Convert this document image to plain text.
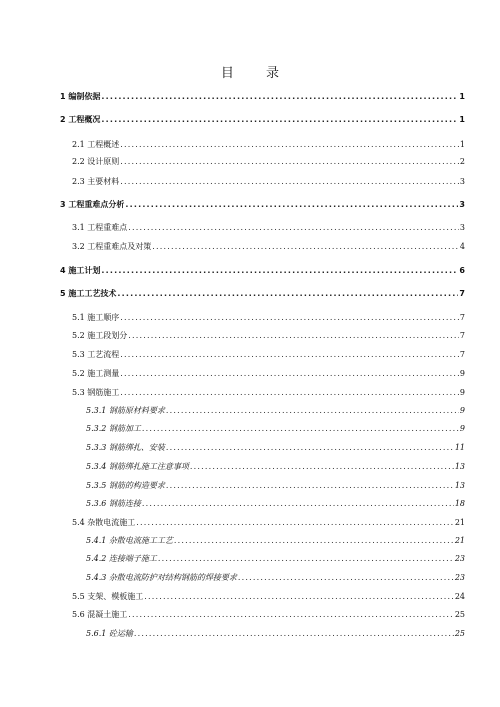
目 录
1 编制依据 .....	1
2 工程概况 .....	1
2.1 工程概述 .....	1
2.2 设计原则 .....	2
2.3 主要材料 .....	3
3 工程重难点分析 .....	3
3.1 工程重难点 .....	3
3.2 工程重难点及对策 .....	4
4 施工计划 .....	6
5 施工工艺技术 .....	7
5.1 施工顺序 .....	7
5.2 施工段划分 .....	7
5.3 工艺流程 .....	7
5.2 施工测量 .....	9
5.3 钢筋施工 .....	9
5.3.1 钢筋原材料要求 .....	9
5.3.2 钢筋加工 .....	9
5.3.3 钢筋绑扎、安装 .....	11
5.3.4 钢筋绑扎施工注意事项 .....	13
5.3.5 钢筋的构造要求 .....	13
5.3.6 钢筋连接 .....	18
5.4 杂散电流施工 .....	21
5.4.1 杂散电流施工工艺 .....	21
5.4.2 连接端子施工 .....	23
5.4.3 杂散电流防护对结构钢筋的焊接要求 .....	23
5.5 支架、模板施工 .....	24
5.6 混凝土施工 .....	25
5.6.1 砼运输 .....	25
